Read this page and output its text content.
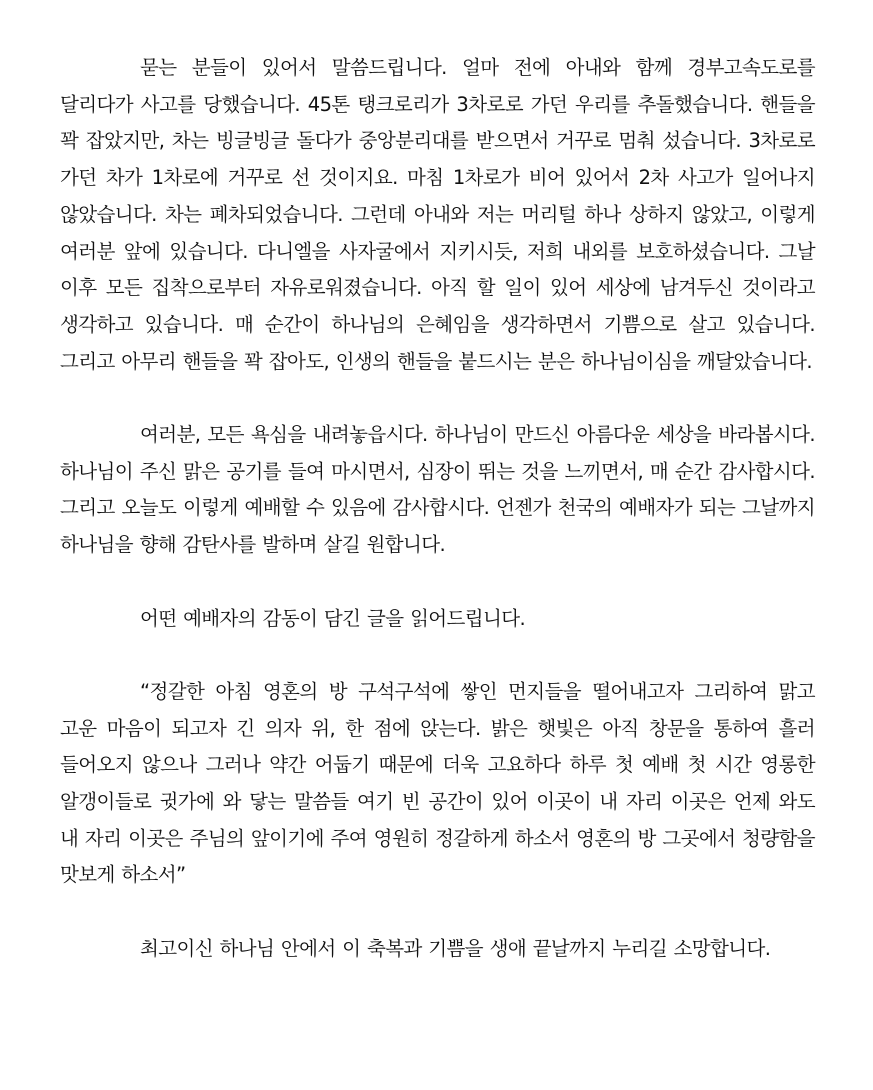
묻는 분들이 있어서 말씀드립니다. 얼마 전에 아내와 함께 경부고속도로를 달리다가 사고를 당했습니다. 45톤 탱크로리가 3차로로 가던 우리를 추돌했습니다. 핸들을 꽉 잡았지만, 차는 빙글빙글 돌다가 중앙분리대를 받으면서 거꾸로 멈춰 섰습니다. 3차로로 가던 차가 1차로에 거꾸로 선 것이지요. 마침 1차로가 비어 있어서 2차 사고가 일어나지 않았습니다. 차는 폐차되었습니다. 그런데 아내와 저는 머리털 하나 상하지 않았고, 이렇게 여러분 앞에 있습니다. 다니엘을 사자굴에서 지키시듯, 저희 내외를 보호하셨습니다. 그날 이후 모든 집착으로부터 자유로워졌습니다. 아직 할 일이 있어 세상에 남겨두신 것이라고 생각하고 있습니다. 매 순간이 하나님의 은혜임을 생각하면서 기쁨으로 살고 있습니다. 그리고 아무리 핸들을 꽉 잡아도, 인생의 핸들을 붙드시는 분은 하나님이심을 깨달았습니다.

여러분, 모든 욕심을 내려놓읍시다. 하나님이 만드신 아름다운 세상을 바라봅시다. 하나님이 주신 맑은 공기를 들여 마시면서, 심장이 뛰는 것을 느끼면서, 매 순간 감사합시다. 그리고 오늘도 이렇게 예배할 수 있음에 감사합시다. 언젠가 천국의 예배자가 되는 그날까지 하나님을 향해 감탄사를 발하며 살길 원합니다.

어떤 예배자의 감동이 담긴 글을 읽어드립니다.

“정갈한 아침 영혼의 방 구석구석에 쌓인 먼지들을 떨어내고자 그리하여 맑고 고운 마음이 되고자 긴 의자 위, 한 점에 앉는다. 밝은 햇빛은 아직 창문을 통하여 흘러 들어오지 않으나 그러나 약간 어둡기 때문에 더욱 고요하다 하루 첫 예배 첫 시간 영롱한 알갱이들로 귓가에 와 닿는 말씀들 여기 빈 공간이 있어 이곳이 내 자리 이곳은 언제 와도 내 자리 이곳은 주님의 앞이기에 주여 영원히 정갈하게 하소서 영혼의 방 그곳에서 청량함을 맛보게 하소서”

최고이신 하나님 안에서 이 축복과 기쁨을 생애 끝날까지 누리길 소망합니다.
